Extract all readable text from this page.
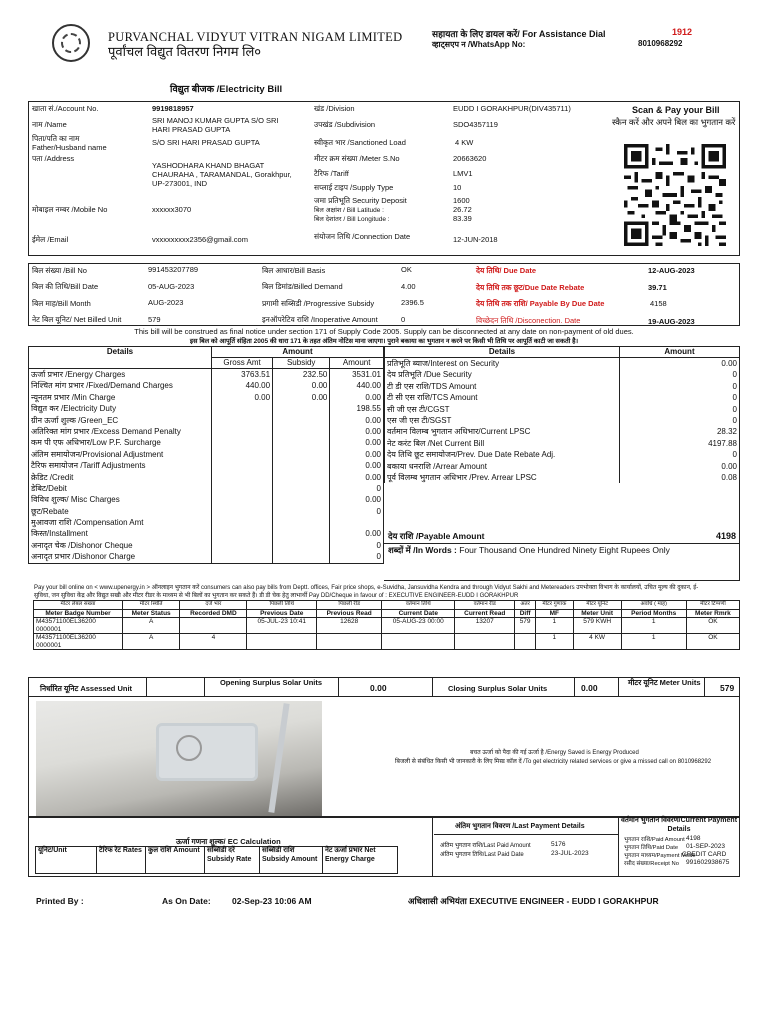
PURVANCHAL VIDYUT VITRAN NIGAM LIMITED
पूर्वांचल विद्युत वितरण निगम लि०
सहायता के लिए डायल करें/ For Assistance Dial	1912
व्हाट्सएप न /WhatsApp No:	8010968292
विद्युत बीजक /Electricity Bill
खाता सं./Account No.	9919818957
नाम /Name	SRI MANOJ KUMAR GUPTA S/O SRI HARI PRASAD GUPTA
पिता/पति का नाम Father/Husband name
S/O SRI HARI PRASAD GUPTA
पता /Address
YASHODHARA KHAND BHAGAT CHAURAHA , TARAMANDAL, Gorakhpur, UP-273001, IND
मोबाइल नम्बर /Mobile No	xxxxxx3070
ईमेल /Email	vxxxxxxxxx2356@gmail.com
खंड /Division	EUDD I GORAKHPUR(DIV435711)
उपखंड /Subdivision	SDO4357119
स्वीकृत भार /Sanctioned Load	4 KW
मीटर क्रम संख्या /Meter S.No	20663620
टैरिफ /Tariff	LMV1
सप्लाई टाइप /Supply Type	10
जमा प्रतिभूति Security Deposit	1600
बिल अक्षांश / Bill Latitude :	26.72
बिल देशांतर / Bill Longitude :	83.39
संयोजन तिथि /Connection Date	12-JUN-2018
Scan & Pay your Bill
स्कैन करें और अपने बिल का भुगतान करें
बिल संख्या /Bill No	991453207789
बिल की तिथि/Bill Date	05-AUG-2023
बिल माह/Bill Month	AUG-2023
नेट बिल यूनिट/ Net Billed Unit	579
बिल आधार/Bill Basis	OK
बिल डिमांड/Billed Demand	4.00
प्रगामी सब्सिडी /Progressive Subsidy	2396.5
इनऑपरेटिव राशि /Inoperative Amount	0
देय तिथि/ Due Date	12-AUG-2023
देय तिथि तक छूट/Due Date Rebate	39.71
देय तिथि तक राशि/ Payable By Due Date	4158
विच्छेदन तिथि /Disconection. Date	19-AUG-2023
This bill will be construed as final notice under section 171 of Supply Code 2005. Supply can be disconnected at any date on non-payment of old dues.
इस बिल को आपूर्ति संहिता 2005 की धारा 171 के तहत अंतिम नोटिस माना जाएगा। पुराने बकाया का भुगतान न करने पर किसी भी तिथि पर आपूर्ति काटी जा सकती है।
Details	Amount		
	Gross Amt	Subsidy	Amount
ऊर्जा प्रभार /Energy Charges	3763.51	232.50	3531.01
निश्चित मांग प्रभार /Fixed/Demand Charges	440.00	0.00	440.00
न्यूनतम प्रभार /Min Charge	0.00	0.00	0.00
विद्युत कर /Electricity Duty			198.55
ग्रीन ऊर्जा शुल्क /Green_EC			0.00
अतिरिक्त मांग प्रभार /Excess Demand Penalty			0.00
कम पी एफ अधिभार/Low P.F. Surcharge			0.00
अंतिम समायोजन/Provisional Adjustment			0.00
टैरिफ समायोजन /Tariff Adjustments			0.00
क्रेडिट /Credit			0.00
डेबिट/Debit			0
विविध शुल्क/ Misc Charges			0.00
छूट/Rebate			0
मुआवजा राशि /Compensation Amt			
किस्त/Installment			0.00
अनादृत चेक /Dishonor Cheque			0
अनादृत प्रभार /Dishonor Charge			0

Details	Amount
प्रतिभूति ब्याज/Interest on Security	0.00
देय प्रतिभूति /Due Security	0
टी डी एस राशि/TDS Amount	0
टी सी एस राशि/TCS Amount	0
सी जी एस टी/CGST	0
एस जी एस टी/SGST	0
वर्तमान विलम्ब भुगतान अधिभार/Current LPSC	28.32
नेट करंट बिल /Net Current Bill	4197.88
देय तिथि छूट समायोजन/Prev. Due Date Rebate Adj.	0
बकाया धनराशि /Arrear Amount	0.00
पूर्व विलम्ब भुगतान अधिभार /Prev. Arrear LPSC	0.08
देय राशि /Payable Amount	4198
शब्दों में /In Words : Four Thousand One Hundred Ninety Eight Rupees Only
Pay your bill online on < www.upenergy.in > ऑनलाइन भुगतान करें consumers can also pay bills from Deptt. offices, Fair price shops, e-Suvidha, Jansuvidha Kendra and through Vidyut Sakhi and Metereaders उपभोक्ता विभाग के कार्यालयों, उचित मूल्य की दुकान, ई-
सुविधा, जन सुविधा केंद्र और विद्युत सखी और मीटर रीडर के माध्यम से भी बिलों का भुगतान कर सकते हैं। डी डी चेक हेतु लाभार्थी Pay DD/Cheque in favour of : EXECUTIVE ENGINEER-EUDD I GORAKHPUR
मीटर लेबल संख्या	मीटर स्थिति	दर्ज भार	पिछली तिथि	पिछली रीड	वर्तमान तिथि	वर्तमान रीड	अंतर	मीटर गुणांक	मीटर यूनिट	अवधि ( माह)	मीटर टिप्पणी
Meter Badge Number	Meter Status	Recorded DMD	Previous Date	Previous Read	Current Date	Current Read	Diff	MF	Meter Unit	Period Months	Meter Rmrk
M43571100EL36200 0000001	A		05-JUL-23 10:41	12628	05-AUG-23 00:00	13207	579	1	579 KWH	1	OK
M43571100EL36200 0000001	A	4						1	4 KW	1	OK
निर्धारित यूनिट Assessed Unit
Opening Surplus Solar Units
0.00	Closing Surplus Solar Units	0.00
मीटर यूनिट Meter Units
579
बचत ऊर्जा को पैदा की गई ऊर्जा है /Energy Saved is Energy Produced
बिजली से संबंधित किसी भी जानकारी के लिए मिस्ड कॉल दें /To get electricity related services or give a missed call on 8010968292
ऊर्जा गणना शुल्क/ EC Calculation
यूनिट/Unit	टैरिफ रेट Rates	कुल राशि Amount	सब्सिडी दरें Subsidy Rate	सब्सिडी राशि Subsidy Amount	नेट ऊर्जा प्रभार Net Energy Charge
अंतिम भुगतान विवरण /Last Payment Details
अंतिम भुगतान राशि/Last Paid Amount	5176
अंतिम भुगतान तिथि/Last Paid Date	23-JUL-2023
वर्तमान भुगतान विवरण/Current Payment Details
भुगतान राशि/Paid Amount 4198
भुगतान तिथि/Paid Date 01-SEP-2023
भुगतान माध्यम/Payment Mode
CREDIT CARD
रसीद संख्या/Receipt No 991602938675
Printed By :	As On Date:	02-Sep-23 10:06 AM	अधिशासी अभियंता EXECUTIVE ENGINEER - EUDD I GORAKHPUR
